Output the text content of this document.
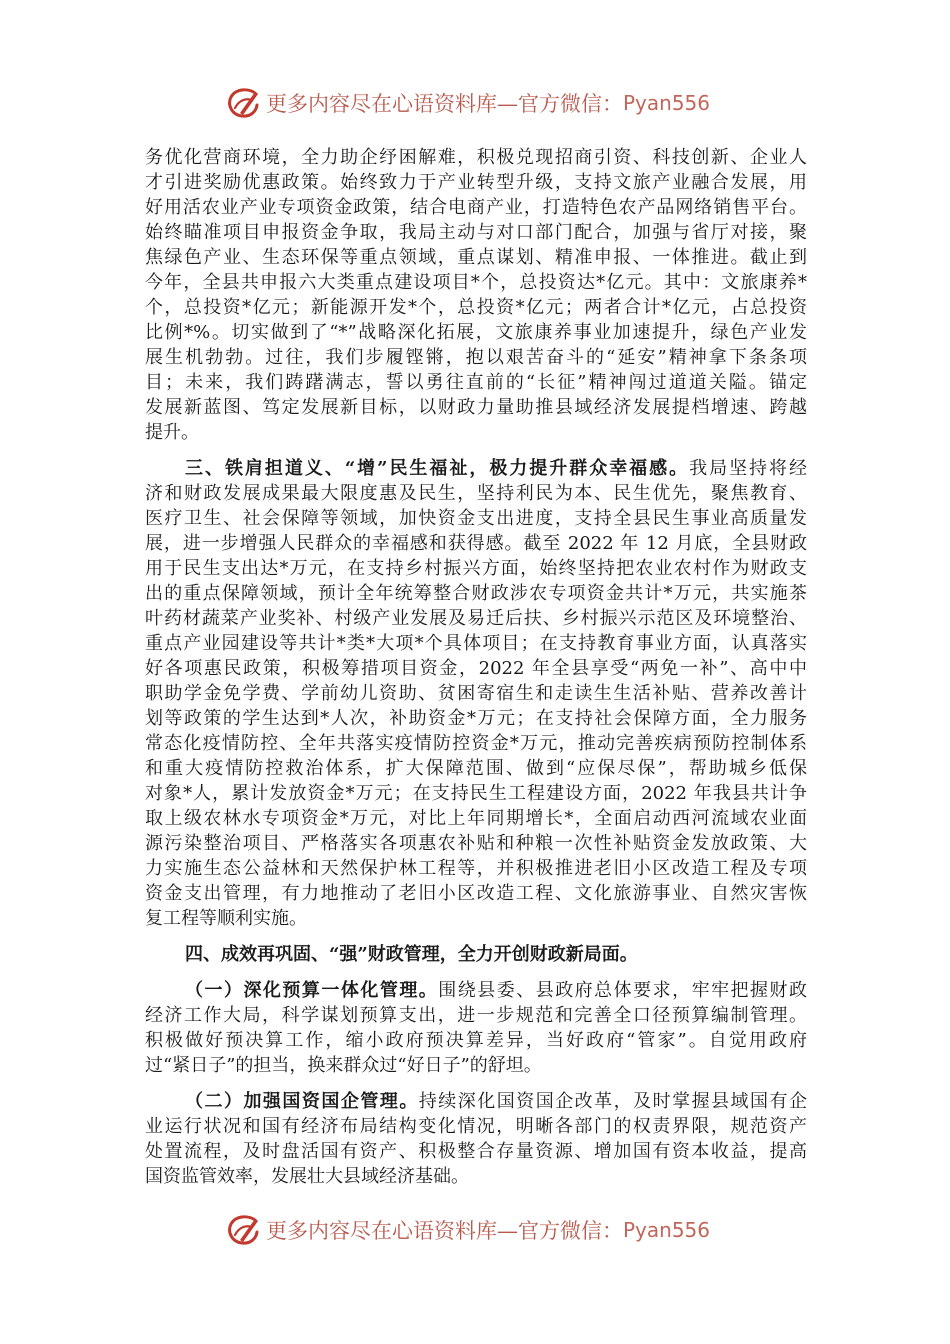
更多内容尽在心语资料库—官方微信： Pyan556
务优化营商环境，全力助企纾困解难，积极兑现招商引资、科技创新、企业人
才引进奖励优惠政策。始终致力于产业转型升级，支持文旅产业融合发展，用
好用活农业产业专项资金政策，结合电商产业，打造特色农产品网络销售平台。
始终瞄准项目申报资金争取，我局主动与对口部门配合，加强与省厅对接，聚
焦绿色产业、生态环保等重点领域，重点谋划、精准申报、一体推进。截止到
今年，全县共申报六大类重点建设项目*个，总投资达*亿元。其中：文旅康养*
个，总投资*亿元；新能源开发*个，总投资*亿元；两者合计*亿元，占总投资
比例*%。切实做到了“*”战略深化拓展，文旅康养事业加速提升，绿色产业发
展生机勃勃。过往，我们步履铿锵，抱以艰苦奋斗的“延安”精神拿下条条项
目；未来，我们踌躇满志，誓以勇往直前的“长征”精神闯过道道关隘。锚定
发展新蓝图、笃定发展新目标，以财政力量助推县域经济发展提档增速、跨越
提升。
三、铁肩担道义、“增”民生福祉，极力提升群众幸福感。我局坚持将经
济和财政发展成果最大限度惠及民生，坚持利民为本、民生优先，聚焦教育、
医疗卫生、社会保障等领域，加快资金支出进度，支持全县民生事业高质量发
展，进一步增强人民群众的幸福感和获得感。截至 2022 年 12 月底，全县财政
用于民生支出达*万元，在支持乡村振兴方面，始终坚持把农业农村作为财政支
出的重点保障领域，预计全年统筹整合财政涉农专项资金共计*万元，共实施茶
叶药材蔬菜产业奖补、村级产业发展及易迁后扶、乡村振兴示范区及环境整治、
重点产业园建设等共计*类*大项*个具体项目；在支持教育事业方面，认真落实
好各项惠民政策，积极筹措项目资金，2022 年全县享受“两免一补”、高中中
职助学金免学费、学前幼儿资助、贫困寄宿生和走读生生活补贴、营养改善计
划等政策的学生达到*人次，补助资金*万元；在支持社会保障方面，全力服务
常态化疫情防控、全年共落实疫情防控资金*万元，推动完善疾病预防控制体系
和重大疫情防控救治体系，扩大保障范围、做到“应保尽保”，帮助城乡低保
对象*人，累计发放资金*万元；在支持民生工程建设方面，2022 年我县共计争
取上级农林水专项资金*万元，对比上年同期增长*，全面启动西河流域农业面
源污染整治项目、严格落实各项惠农补贴和种粮一次性补贴资金发放政策、大
力实施生态公益林和天然保护林工程等，并积极推进老旧小区改造工程及专项
资金支出管理，有力地推动了老旧小区改造工程、文化旅游事业、自然灾害恢
复工程等顺利实施。
四、成效再巩固、“强”财政管理，全力开创财政新局面。
（一）深化预算一体化管理。围绕县委、县政府总体要求，牢牢把握财政
经济工作大局，科学谋划预算支出，进一步规范和完善全口径预算编制管理。
积极做好预决算工作，缩小政府预决算差异，当好政府“管家”。自觉用政府
过“紧日子”的担当，换来群众过“好日子”的舒坦。
（二）加强国资国企管理。持续深化国资国企改革，及时掌握县域国有企
业运行状况和国有经济布局结构变化情况，明晰各部门的权责界限，规范资产
处置流程，及时盘活国有资产、积极整合存量资源、增加国有资本收益，提高
国资监管效率，发展壮大县域经济基础。
更多内容尽在心语资料库—官方微信： Pyan556
